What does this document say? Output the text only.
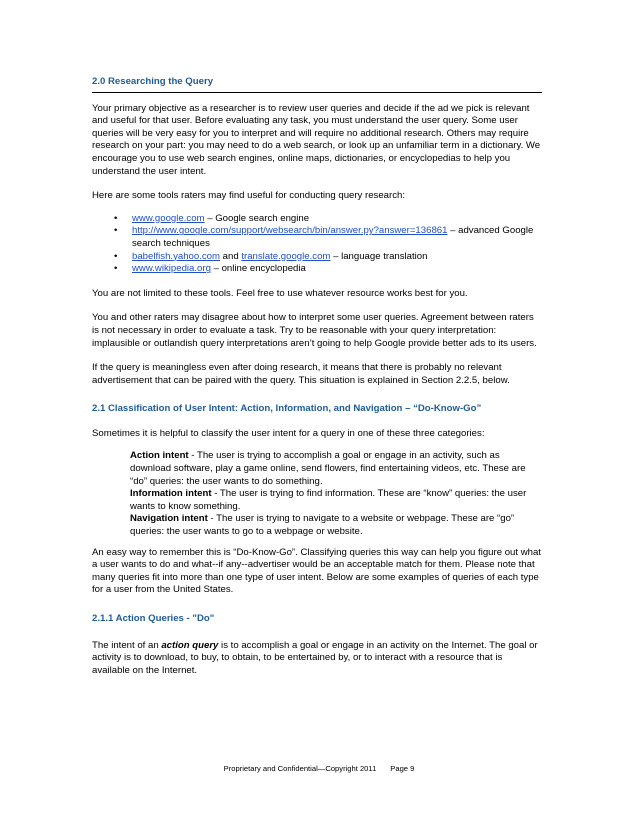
2.0 Researching the Query

Your primary objective as a researcher is to review user queries and decide if the ad we pick is relevant and useful for that user. Before evaluating any task, you must understand the user query. Some user queries will be very easy for you to interpret and will require no additional research. Others may require research on your part: you may need to do a web search, or look up an unfamiliar term in a dictionary. We encourage you to use web search engines, online maps, dictionaries, or encyclopedias to help you understand the user intent.

Here are some tools raters may find useful for conducting query research:

• www.google.com – Google search engine
• http://www.google.com/support/websearch/bin/answer.py?answer=136861 – advanced Google search techniques
• babelfish.yahoo.com and translate.google.com – language translation
• www.wikipedia.org – online encyclopedia

You are not limited to these tools. Feel free to use whatever resource works best for you.

You and other raters may disagree about how to interpret some user queries. Agreement between raters is not necessary in order to evaluate a task. Try to be reasonable with your query interpretation: implausible or outlandish query interpretations aren’t going to help Google provide better ads to its users.

If the query is meaningless even after doing research, it means that there is probably no relevant advertisement that can be paired with the query. This situation is explained in Section 2.2.5, below.

2.1 Classification of User Intent: Action, Information, and Navigation – “Do-Know-Go”

Sometimes it is helpful to classify the user intent for a query in one of these three categories:

Action intent - The user is trying to accomplish a goal or engage in an activity, such as download software, play a game online, send flowers, find entertaining videos, etc. These are “do” queries: the user wants to do something.

Information intent - The user is trying to find information. These are “know” queries: the user wants to know something.

Navigation intent - The user is trying to navigate to a website or webpage. These are “go” queries: the user wants to go to a webpage or website.

An easy way to remember this is “Do-Know-Go”. Classifying queries this way can help you figure out what a user wants to do and what--if any--advertiser would be an acceptable match for them. Please note that many queries fit into more than one type of user intent. Below are some examples of queries of each type for a user from the United States.

2.1.1 Action Queries - "Do"

The intent of an action query is to accomplish a goal or engage in an activity on the Internet. The goal or activity is to download, to buy, to obtain, to be entertained by, or to interact with a resource that is available on the Internet.

Proprietary and Confidential—Copyright 2011 Page 9
